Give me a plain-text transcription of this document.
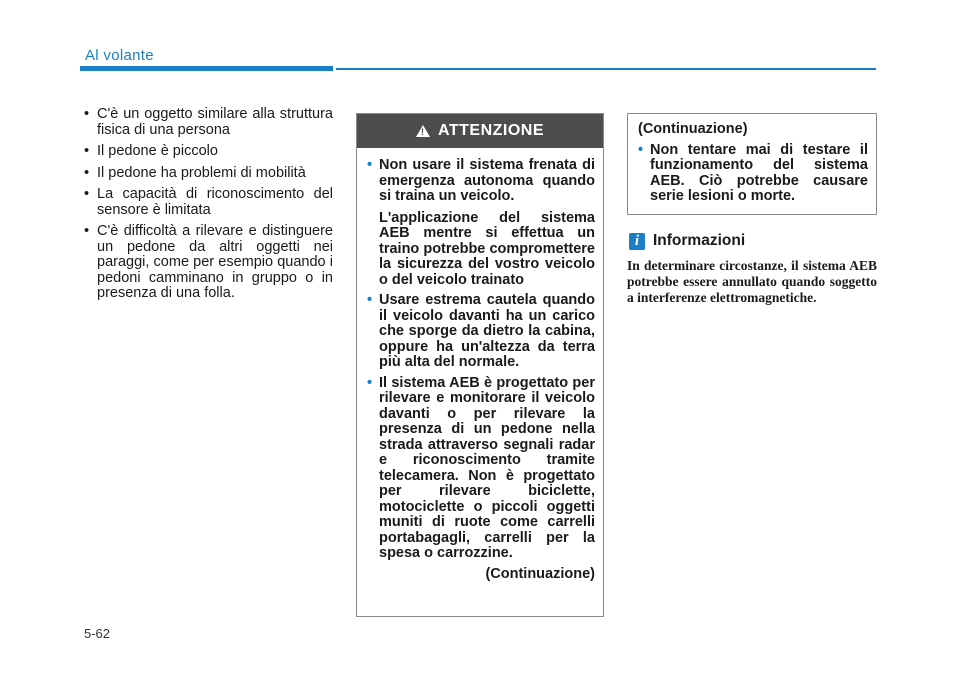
Al volante
• C'è un oggetto similare alla struttura fisica di una persona
• Il pedone è piccolo
• Il pedone ha problemi di mobilità
• La capacità di riconoscimento del sensore è limitata
• C'è difficoltà a rilevare e distinguere un pedone da altri oggetti nei paraggi, come per esempio quando i pedoni camminano in gruppo o in presenza di una folla.
!
ATTENZIONE
• Non usare il sistema frenata di emergenza autonoma quando si traina un veicolo.
L'applicazione del sistema AEB mentre si effettua un traino potrebbe compromettere la sicurezza del vostro veicolo o del veicolo trainato
• Usare estrema cautela quando il veicolo davanti ha un carico che sporge da dietro la cabina, oppure ha un'altezza da terra più alta del normale.
• Il sistema AEB è progettato per rilevare e monitorare il veicolo davanti o per rilevare la presenza di un pedone nella strada attraverso segnali radar e riconoscimento tramite telecamera. Non è progettato per rilevare biciclette, motociclette o piccoli oggetti muniti di ruote come carrelli portabagagli, carrelli per la spesa o carrozzine.
(Continuazione)
(Continuazione)
• Non tentare mai di testare il funzionamento del sistema AEB. Ciò potrebbe causare serie lesioni o morte.
i Informazioni
In determinare circostanze, il sistema AEB potrebbe essere annullato quando soggetto a interferenze elettromagnetiche.
5-62
